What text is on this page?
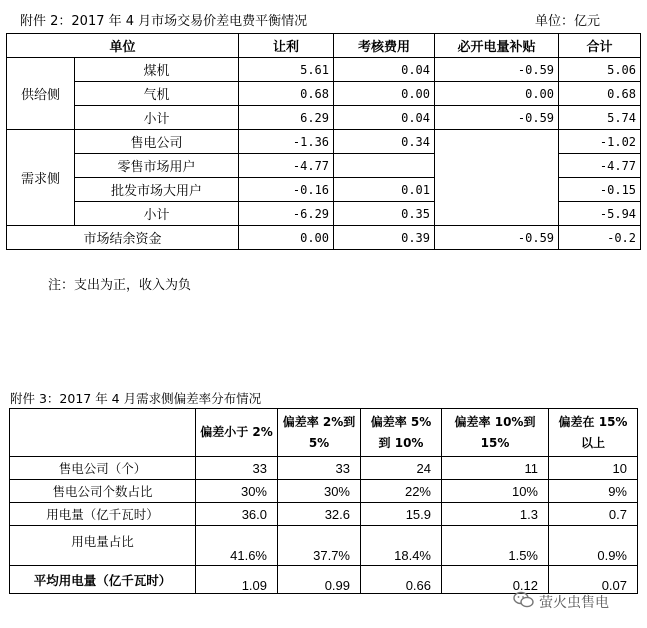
附件 2：2017 年 4 月市场交易价差电费平衡情况	单位：亿元
单位		让利	考核费用	必开电量补贴	合计
供给侧	煤机	5.61	0.04	-0.59	5.06
	气机	0.68	0.00	0.00	0.68
	小计	6.29	0.04	-0.59	5.74
需求侧	售电公司	-1.36	0.34		-1.02
	零售市场用户	-4.77			-4.77
	批发市场大用户	-0.16	0.01		-0.15
	小计	-6.29	0.35		-5.94
市场结余资金		0.00	0.39	-0.59	-0.2
注：支出为正，收入为负
附件 3：2017 年 4 月需求侧偏差率分布情况
	偏差小于 2%	偏差率 2%到 5%	偏差率 5%到 10%	偏差率 10%到 15%	偏差在 15%以上
售电公司（个）	33	33	24	11	10
售电公司个数占比	30%	30%	22%	10%	9%
用电量（亿千瓦时）	36.0	32.6	15.9	1.3	0.7
用电量占比	41.6%	37.7%	18.4%	1.5%	0.9%
平均用电量（亿千瓦时）	1.09	0.99	0.66	0.12	0.07
萤火虫售电
